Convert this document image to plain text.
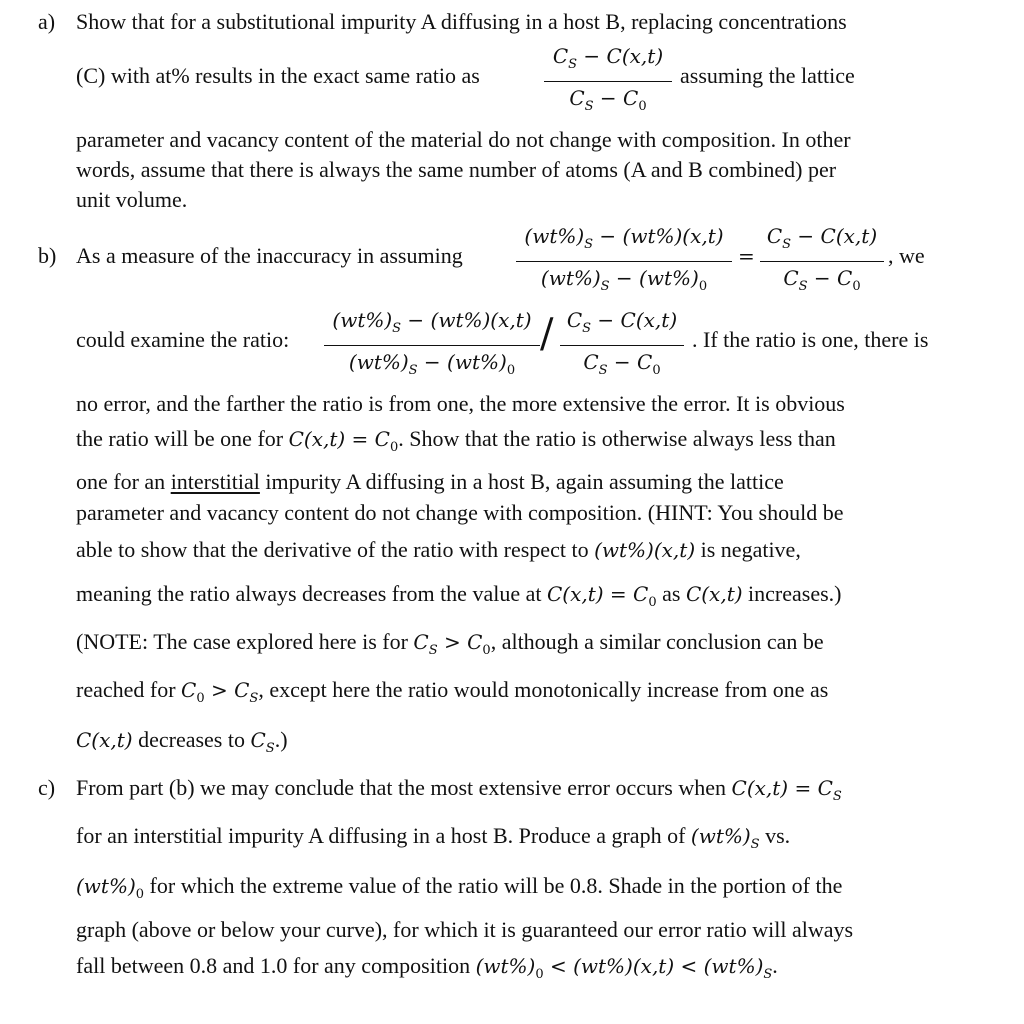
a) Show that for a substitutional impurity A diffusing in a host B, replacing concentrations
(C) with at% results in the exact same ratio as
$C_S - C(x,t)$
$C_S - C_0$
assuming the lattice
parameter and vacancy content of the material do not change with composition. In other
words, assume that there is always the same number of atoms (A and B combined) per
unit volume.
b) As a measure of the inaccuracy in assuming
$(wt\%)_S - (wt\%)(x,t)$
$(wt\%)_S - (wt\%)_0$
=
$C_S - C(x,t)$
$C_S - C_0$
, we
could examine the ratio:
$(wt\%)_S - (wt\%)(x,t)$
$(wt\%)_S - (wt\%)_0$
/ $C_S - C(x,t)$
$C_S - C_0$
. If the ratio is one, there is
no error, and the farther the ratio is from one, the more extensive the error. It is obvious
the ratio will be one for $C(x,t) = C_0$. Show that the ratio is otherwise always less than
one for an interstitial impurity A diffusing in a host B, again assuming the lattice
parameter and vacancy content do not change with composition. (HINT: You should be
able to show that the derivative of the ratio with respect to (wt%)(x,t) is negative,
meaning the ratio always decreases from the value at $C(x,t) = C_0$ as C(x,t) increases.)
(NOTE: The case explored here is for $C_S > C_0$, although a similar conclusion can be
reached for $C_0 > C_S$, except here the ratio would monotonically increase from one as
C(x,t) decreases to $C_S$.)
c) From part (b) we may conclude that the most extensive error occurs when $C(x,t) = C_S$
for an interstitial impurity A diffusing in a host B. Produce a graph of $(wt\%)_S$ vs.
$(wt\%)_0$ for which the extreme value of the ratio will be 0.8. Shade in the portion of the
graph (above or below your curve), for which it is guaranteed our error ratio will always
fall between 0.8 and 1.0 for any composition $(wt\%)_0 < (wt\%)(x,t) < (wt\%)_S$.
